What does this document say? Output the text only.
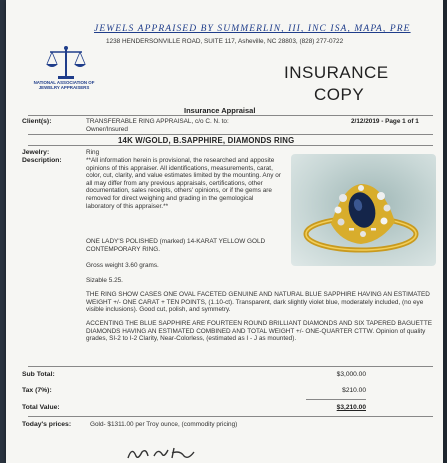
JEWELS APPRAISED BY SUMMERLIN, III, INC ISA, MAPA, PRE
1238 HENDERSONVILLE ROAD, SUITE 117, Asheville, NC 28803, (828) 277-0722
NATIONAL ASSOCIATION OF JEWELRY APPRAISERS
INSURANCE
COPY
Insurance Appraisal
Client(s):	TRANSFERABLE RING APPRAISAL, c/o C. N. to:
Owner/Insured
2/12/2019 - Page 1 of 1
14K W/GOLD, B.SAPPHIRE, DIAMONDS RING
Jewelry:	Ring
Description:	**All information herein is provisional, the researched and apposite opinions of this appraiser. All identifications, measurements, carat, color, cut, clarity, and value estimates limited by the mounting. Any or all may differ from any previous appraisals, certifications, other documentation, sales receipts, others' opinions, or if the gems are removed for direct weighing and grading in the gemological laboratory of this appraiser.**
ONE LADY'S POLISHED (marked) 14-KARAT YELLOW GOLD CONTEMPORARY RING.
Gross weight 3.60 grams.
Sizable 5.25.
THE RING SHOW CASES ONE OVAL FACETED GENUINE AND NATURAL BLUE SAPPHIRE HAVING AN ESTIMATED WEIGHT +/- ONE CARAT + TEN POINTS, (1.10-ct). Transparent, dark slightly violet blue, moderately included, (no eye visible inclusions). Good cut, polish, and symmetry.
ACCENTING THE BLUE SAPPHIRE ARE FOURTEEN ROUND BRILLIANT DIAMONDS AND SIX TAPERED BAGUETTE DIAMONDS HAVING AN ESTIMATED COMBINED AND TOTAL WEIGHT +/- ONE-QUARTER CTTW. Opinion of quality grades, SI-2 to I-2 Clarity, Near-Colorless, (estimated as I - J as mounted).
Sub Total:	$3,000.00
Tax (7%):	$210.00
Total Value:	$3,210.00
Today's prices:	Gold- $1311.00 per Troy ounce, (commodity pricing)
